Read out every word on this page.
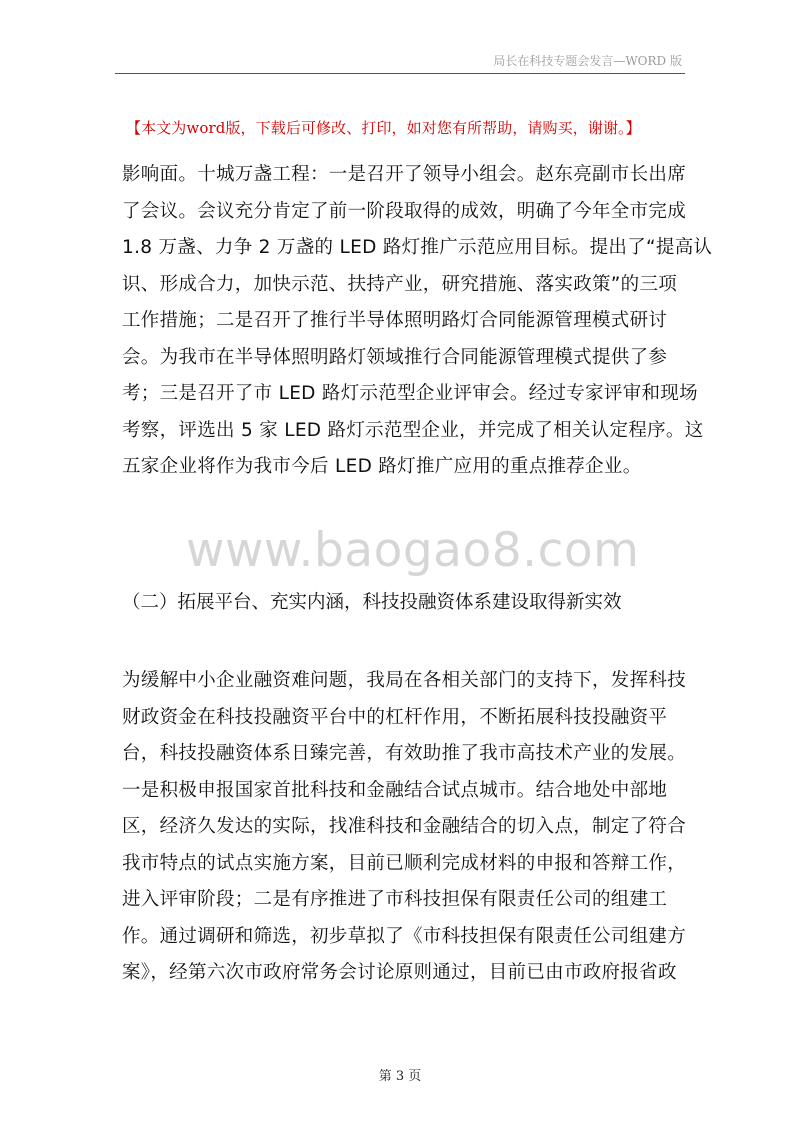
局长在科技专题会发言—WORD 版
【本文为word版，下载后可修改、打印，如对您有所帮助，请购买，谢谢。】
影响面。十城万盏工程：一是召开了领导小组会。赵东亮副市长出席
了会议。会议充分肯定了前一阶段取得的成效，明确了今年全市完成
1.8 万盏、力争 2 万盏的 LED 路灯推广示范应用目标。提出了“提高认
识、形成合力，加快示范、扶持产业，研究措施、落实政策”的三项
工作措施；二是召开了推行半导体照明路灯合同能源管理模式研讨
会。为我市在半导体照明路灯领域推行合同能源管理模式提供了参
考；三是召开了市 LED 路灯示范型企业评审会。经过专家评审和现场
考察，评选出 5 家 LED 路灯示范型企业，并完成了相关认定程序。这
五家企业将作为我市今后 LED 路灯推广应用的重点推荐企业。
www.baogao8.com
（二）拓展平台、充实内涵，科技投融资体系建设取得新实效
为缓解中小企业融资难问题，我局在各相关部门的支持下，发挥科技
财政资金在科技投融资平台中的杠杆作用，不断拓展科技投融资平
台，科技投融资体系日臻完善，有效助推了我市高技术产业的发展。
一是积极申报国家首批科技和金融结合试点城市。结合地处中部地
区，经济久发达的实际，找准科技和金融结合的切入点，制定了符合
我市特点的试点实施方案，目前已顺利完成材料的申报和答辩工作，
进入评审阶段；二是有序推进了市科技担保有限责任公司的组建工
作。通过调研和筛选，初步草拟了《市科技担保有限责任公司组建方
案》，经第六次市政府常务会讨论原则通过，目前已由市政府报省政
第 3 页
